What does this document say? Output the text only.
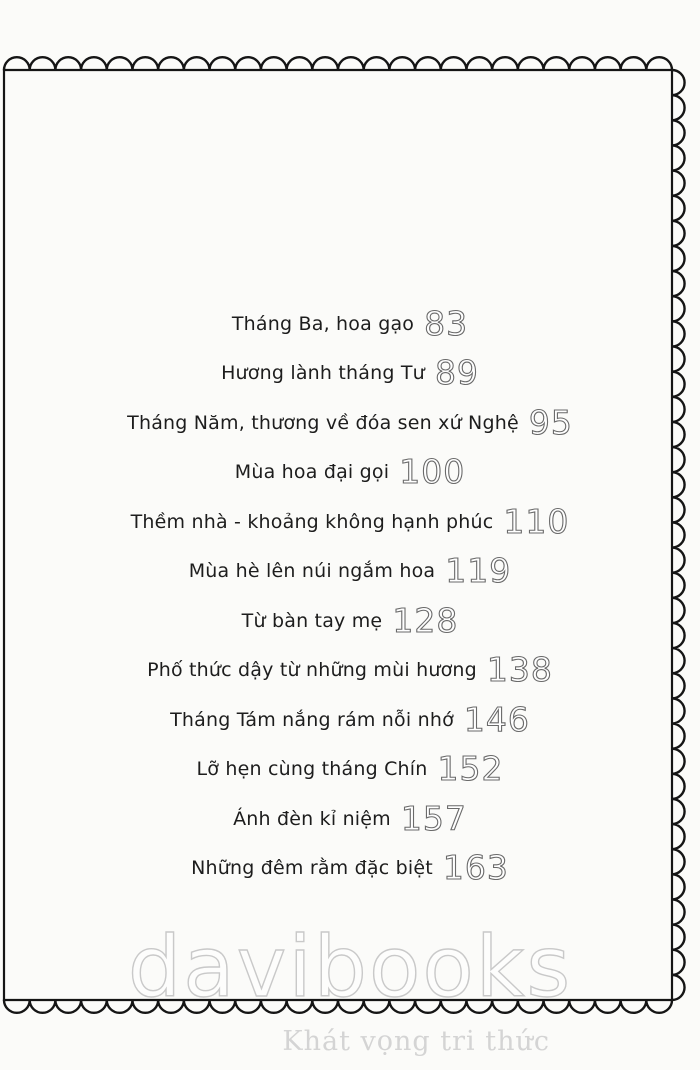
Tháng Ba, hoa gạo 83
Hương lành tháng Tư 89
Tháng Năm, thương về đóa sen xứ Nghệ 95
Mùa hoa đại gọi 100
Thềm nhà - khoảng không hạnh phúc 110
Mùa hè lên núi ngắm hoa 119
Từ bàn tay mẹ 128
Phố thức dậy từ những mùi hương 138
Tháng Tám nắng rám nỗi nhớ 146
Lỡ hẹn cùng tháng Chín 152
Ánh đèn kỉ niệm 157
Những đêm rằm đặc biệt 163
davibooks
Khát vọng tri thức
